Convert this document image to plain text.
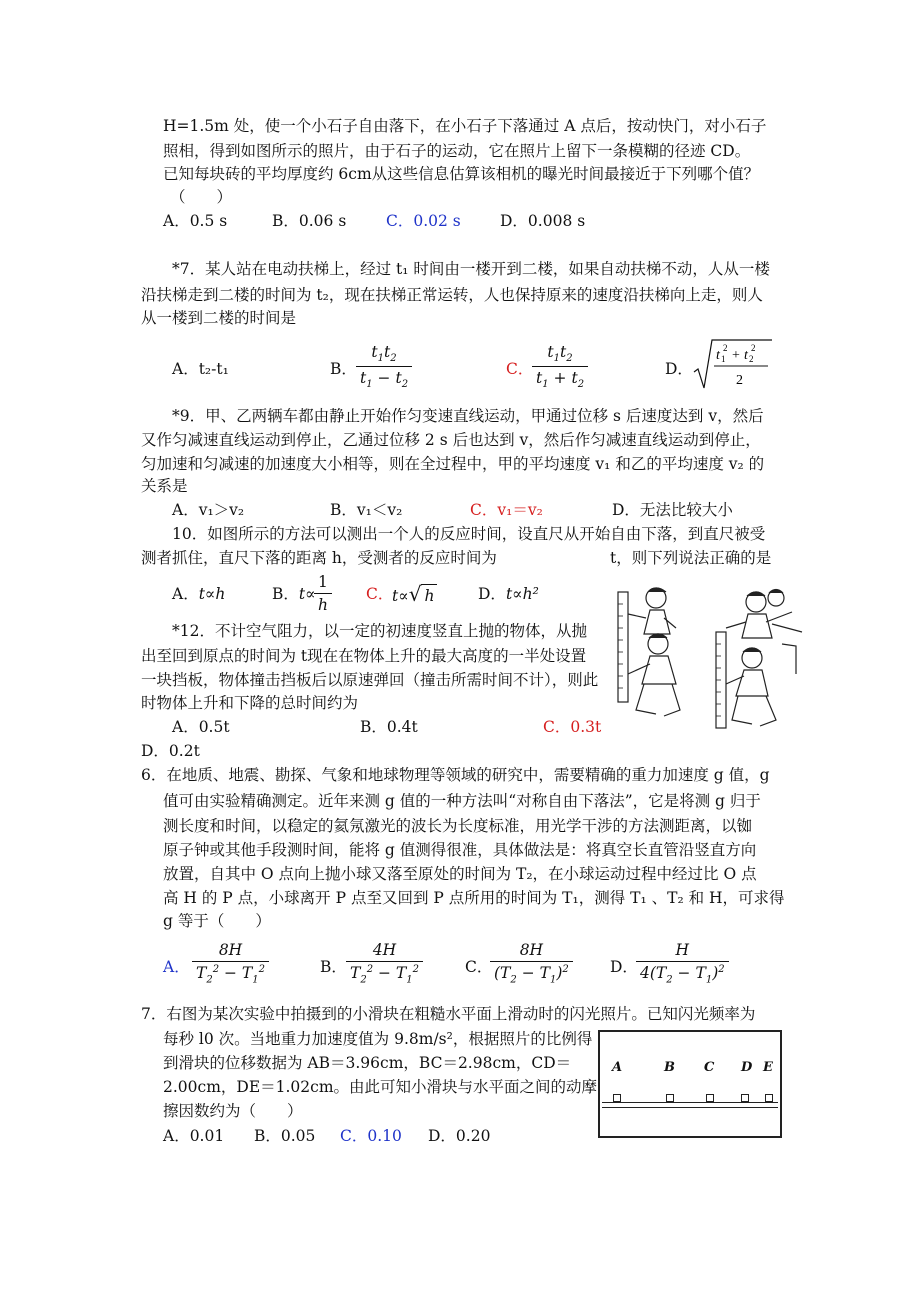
H=1.5m 处，使一个小石子自由落下，在小石子下落通过 A 点后，按动快门，对小石子
照相，得到如图所示的照片，由于石子的运动，它在照片上留下一条模糊的径迹 CD。
已知每块砖的平均厚度约 6cm从这些信息估算该相机的曝光时间最接近于下列哪个值？
（　　）
A．0.5 s	B．0.06 s	C．0.02 s	D．0.008 s
*7．某人站在电动扶梯上，经过 t₁ 时间由一楼开到二楼，如果自动扶梯不动，人从一楼
沿扶梯走到二楼的时间为 t₂，现在扶梯正常运转，人也保持原来的速度沿扶梯向上走，则人
从一楼到二楼的时间是
A．t₂-t₁	B． $\frac{t_1t_2}{t_1 - t_2}$	C．
$\frac{t_1t_2}{t_1 + t_2}$	D．
t 1
2 + t 2
2
2
*9．甲、乙两辆车都由静止开始作匀变速直线运动，甲通过位移 s 后速度达到 v，然后
又作匀减速直线运动到停止，乙通过位移 2 s 后也达到 v，然后作匀减速直线运动到停止，
匀加速和匀减速的加速度大小相等，则在全过程中，甲的平均速度 v₁ 和乙的平均速度 v₂ 的
关系是
A．v₁＞v₂	B．v₁＜v₂	C．v₁＝v₂	D．无法比较大小
10．如图所示的方法可以测出一个人的反应时间，设直尺从开始自由下落，到直尺被受
测者抓住，直尺下落的距离 h，受测者的反应时间为	t，则下列说法正确的是
A．t∝h	B．t∝
$\frac{1}{h}$ C．
t∝√ h	D．t∝h²
*12．不计空气阻力，以一定的初速度竖直上抛的物体，从抛
出至回到原点的时间为 t现在在物体上升的最大高度的一半处设置
一块挡板，物体撞击挡板后以原速弹回（撞击所需时间不计），则此
时物体上升和下降的总时间约为
A．0.5t	B．0.4t	C．0.3t
D．0.2t
6．在地质、地震、勘探、气象和地球物理等领域的研究中，需要精确的重力加速度 g 值，g
值可由实验精确测定。近年来测 g 值的一种方法叫“对称自由下落法”，它是将测 g 归于
测长度和时间，以稳定的氦氖激光的波长为长度标准，用光学干涉的方法测距离，以铷
原子钟或其他手段测时间，能将 g 值测得很准，具体做法是：将真空长直管沿竖直方向
放置，自其中 O 点向上抛小球又落至原处的时间为 T₂，在小球运动过程中经过比 O 点
高 H 的 P 点，小球离开 P 点至又回到 P 点所用的时间为 T₁，测得 T₁ 、T₂ 和 H，可求得
g 等于（　　）
A． $\frac{8H}{T_2^2 - T_1^2}$	B． $\frac{4H}{T_2^2 - T_1^2}$	C．
$\frac{8H}{(T_2 - T_1)^2}$ D．
$\frac{H}{4(T_2 - T_1)^2}$
7．右图为某次实验中拍摄到的小滑块在粗糙水平面上滑动时的闪光照片。已知闪光频率为
每秒 l0 次。当地重力加速度值为 9.8m/s²，根据照片的比例得
到滑块的位移数据为 AB＝3.96cm，BC＝2.98cm，CD＝
2.00cm，DE＝1.02cm。由此可知小滑块与水平面之间的动摩
擦因数约为（　　）
A．0.01 B．0.05 C．0.10 D．0.20
A	B C D E
